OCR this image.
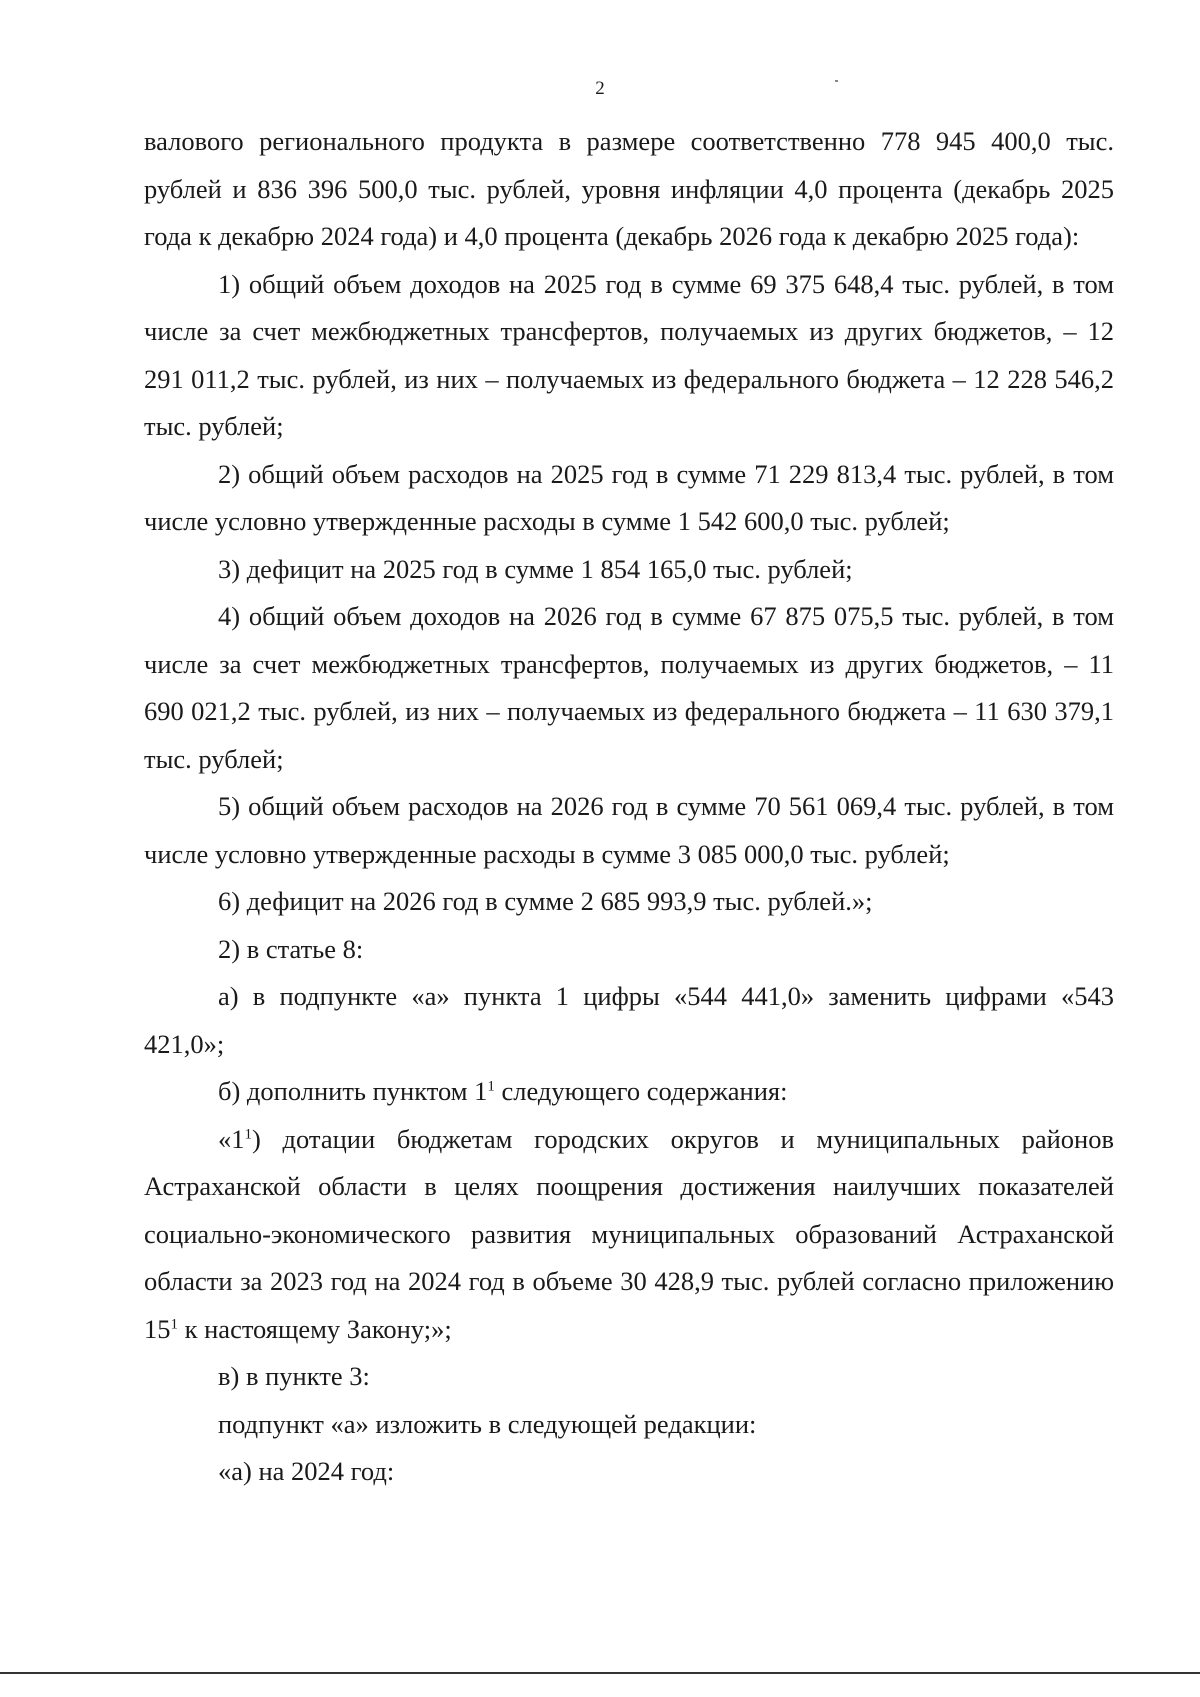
2

валового регионального продукта в размере соответственно 778 945 400,0 тыс. рублей и 836 396 500,0 тыс. рублей, уровня инфляции 4,0 процента (декабрь 2025 года к декабрю 2024 года) и 4,0 процента (декабрь 2026 года к декабрю 2025 года):

1) общий объем доходов на 2025 год в сумме 69 375 648,4 тыс. рублей, в том числе за счет межбюджетных трансфертов, получаемых из других бюджетов, – 12 291 011,2 тыс. рублей, из них – получаемых из федерального бюджета – 12 228 546,2 тыс. рублей;

2) общий объем расходов на 2025 год в сумме 71 229 813,4 тыс. рублей, в том числе условно утвержденные расходы в сумме 1 542 600,0 тыс. рублей;

3) дефицит на 2025 год в сумме 1 854 165,0 тыс. рублей;

4) общий объем доходов на 2026 год в сумме 67 875 075,5 тыс. рублей, в том числе за счет межбюджетных трансфертов, получаемых из других бюджетов, – 11 690 021,2 тыс. рублей, из них – получаемых из федерального бюджета – 11 630 379,1 тыс. рублей;

5) общий объем расходов на 2026 год в сумме 70 561 069,4 тыс. рублей, в том числе условно утвержденные расходы в сумме 3 085 000,0 тыс. рублей;

6) дефицит на 2026 год в сумме 2 685 993,9 тыс. рублей.»;

2) в статье 8:

а) в подпункте «а» пункта 1 цифры «544 441,0» заменить цифрами «543 421,0»;

б) дополнить пунктом $1^1$ следующего содержания:

«$1^1$) дотации бюджетам городских округов и муниципальных районов Астраханской области в целях поощрения достижения наилучших показателей социально-экономического развития муниципальных образований Астраханской области за 2023 год на 2024 год в объеме 30 428,9 тыс. рублей согласно приложению $15^1$ к настоящему Закону;»;

в) в пункте 3:

подпункт «а» изложить в следующей редакции:

«а) на 2024 год:
